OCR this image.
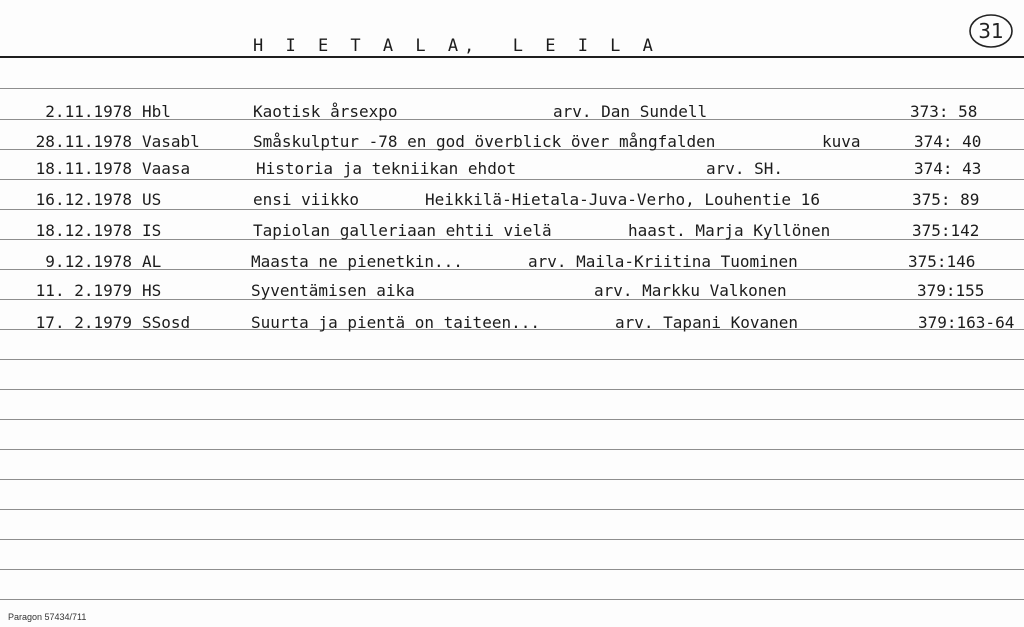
H I E T A L A,  L E I L A
31
2.11.1978 Hbl	Kaotisk årsexpo	arv. Dan Sundell	373: 58
28.11.1978 Vasabl	Småskulptur -78 en god överblick över mångfalden	kuva	374: 40
18.11.1978 Vaasa	Historia ja tekniikan ehdot	arv. SH.	374: 43
16.12.1978 US	ensi viikko	Heikkilä-Hietala-Juva-Verho, Louhentie 16	375: 89
18.12.1978 IS	Tapiolan galleriaan ehtii vielä	haast. Marja Kyllönen	375:142
9.12.1978 AL	Maasta ne pienetkin...	arv. Maila-Kriitina Tuominen	375:146
11. 2.1979 HS	Syventämisen aika	arv. Markku Valkonen	379:155
17. 2.1979 SSosd	Suurta ja pientä on taiteen...	arv. Tapani Kovanen	379:163-64
Paragon 57434/711
